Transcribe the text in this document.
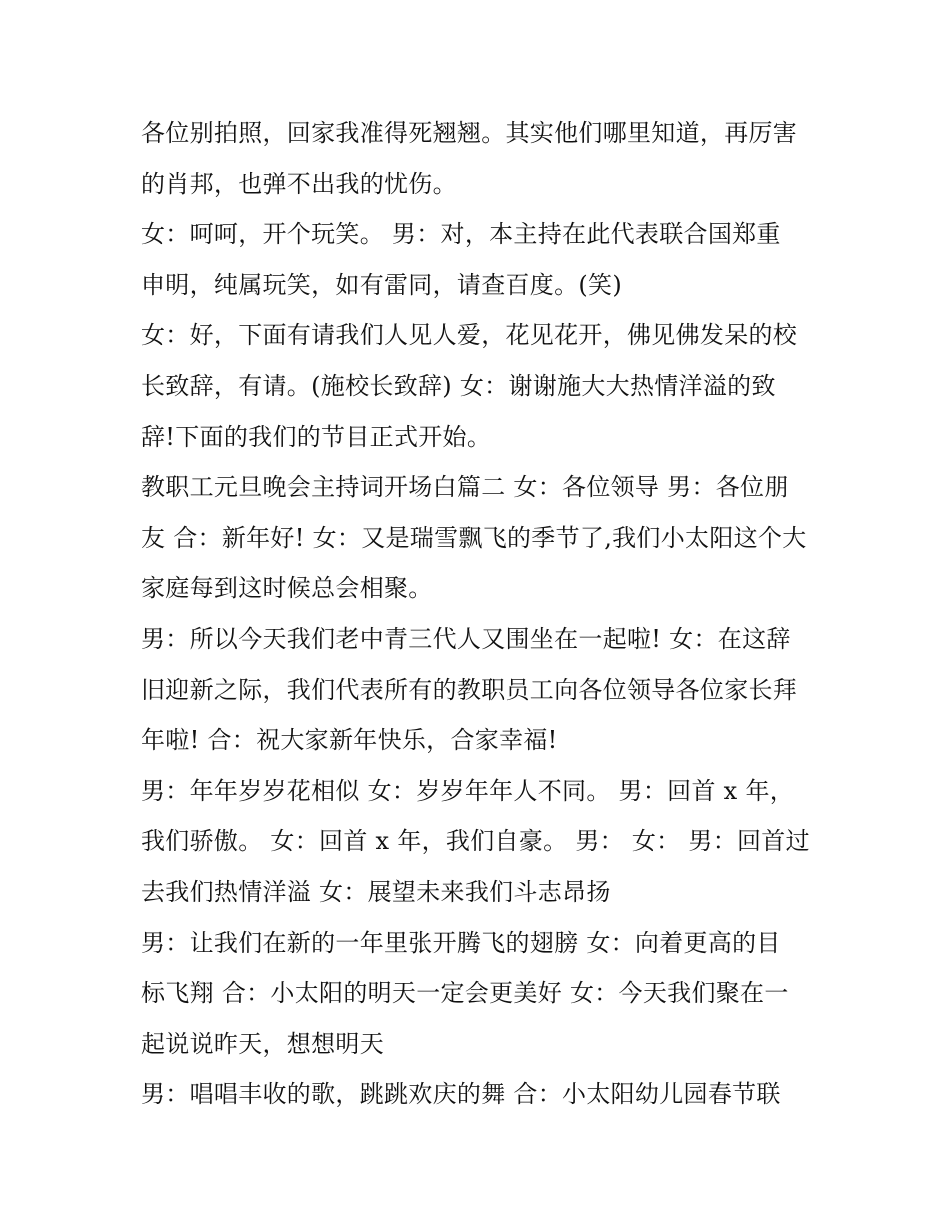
各位别拍照，回家我准得死翘翘。其实他们哪里知道，再厉害
的肖邦，也弹不出我的忧伤。
女：呵呵，开个玩笑。 男：对，本主持在此代表联合国郑重
申明，纯属玩笑，如有雷同，请查百度。(笑)
女：好，下面有请我们人见人爱，花见花开，佛见佛发呆的校
长致辞，有请。(施校长致辞) 女：谢谢施大大热情洋溢的致
辞!下面的我们的节目正式开始。
教职工元旦晚会主持词开场白篇二 女：各位领导 男：各位朋
友 合：新年好! 女：又是瑞雪飘飞的季节了,我们小太阳这个大
家庭每到这时候总会相聚。
男：所以今天我们老中青三代人又围坐在一起啦! 女：在这辞
旧迎新之际，我们代表所有的教职员工向各位领导各位家长拜
年啦! 合：祝大家新年快乐，合家幸福!
男：年年岁岁花相似 女：岁岁年年人不同。 男：回首 x 年，
我们骄傲。 女：回首 x 年，我们自豪。 男： 女： 男：回首过
去我们热情洋溢 女：展望未来我们斗志昂扬
男：让我们在新的一年里张开腾飞的翅膀 女：向着更高的目
标飞翔 合：小太阳的明天一定会更美好 女：今天我们聚在一
起说说昨天，想想明天
男：唱唱丰收的歌，跳跳欢庆的舞 合：小太阳幼儿园春节联
